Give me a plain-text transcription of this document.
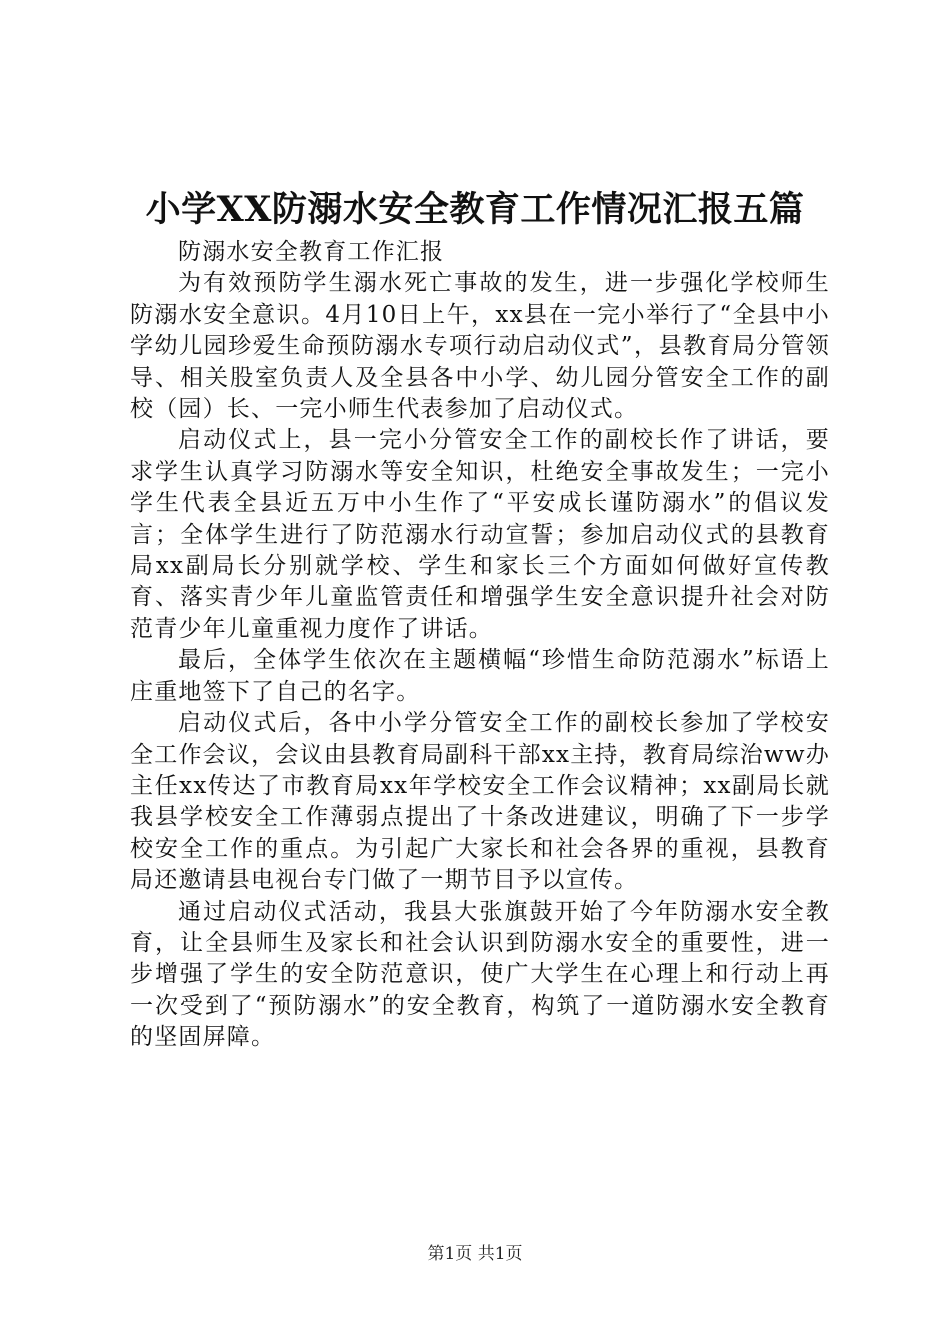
小学XX防溺水安全教育工作情况汇报五篇

防溺水安全教育工作汇报

为有效预防学生溺水死亡事故的发生，进一步强化学校师生防溺水安全意识。4月10日上午，xx县在一完小举行了“全县中小学幼儿园珍爱生命预防溺水专项行动启动仪式”，县教育局分管领导、相关股室负责人及全县各中小学、幼儿园分管安全工作的副校（园）长、一完小师生代表参加了启动仪式。

启动仪式上，县一完小分管安全工作的副校长作了讲话，要求学生认真学习防溺水等安全知识，杜绝安全事故发生；一完小学生代表全县近五万中小生作了“平安成长谨防溺水”的倡议发言；全体学生进行了防范溺水行动宣誓；参加启动仪式的县教育局xx副局长分别就学校、学生和家长三个方面如何做好宣传教育、落实青少年儿童监管责任和增强学生安全意识提升社会对防范青少年儿童重视力度作了讲话。

最后，全体学生依次在主题横幅“珍惜生命防范溺水”标语上庄重地签下了自己的名字。

启动仪式后，各中小学分管安全工作的副校长参加了学校安全工作会议，会议由县教育局副科干部xx主持，教育局综治ww办主任xx传达了市教育局xx年学校安全工作会议精神；xx副局长就我县学校安全工作薄弱点提出了十条改进建议，明确了下一步学校安全工作的重点。为引起广大家长和社会各界的重视，县教育局还邀请县电视台专门做了一期节目予以宣传。

通过启动仪式活动，我县大张旗鼓开始了今年防溺水安全教育，让全县师生及家长和社会认识到防溺水安全的重要性，进一步增强了学生的安全防范意识，使广大学生在心理上和行动上再一次受到了“预防溺水”的安全教育，构筑了一道防溺水安全教育的坚固屏障。

第1页 共1页
